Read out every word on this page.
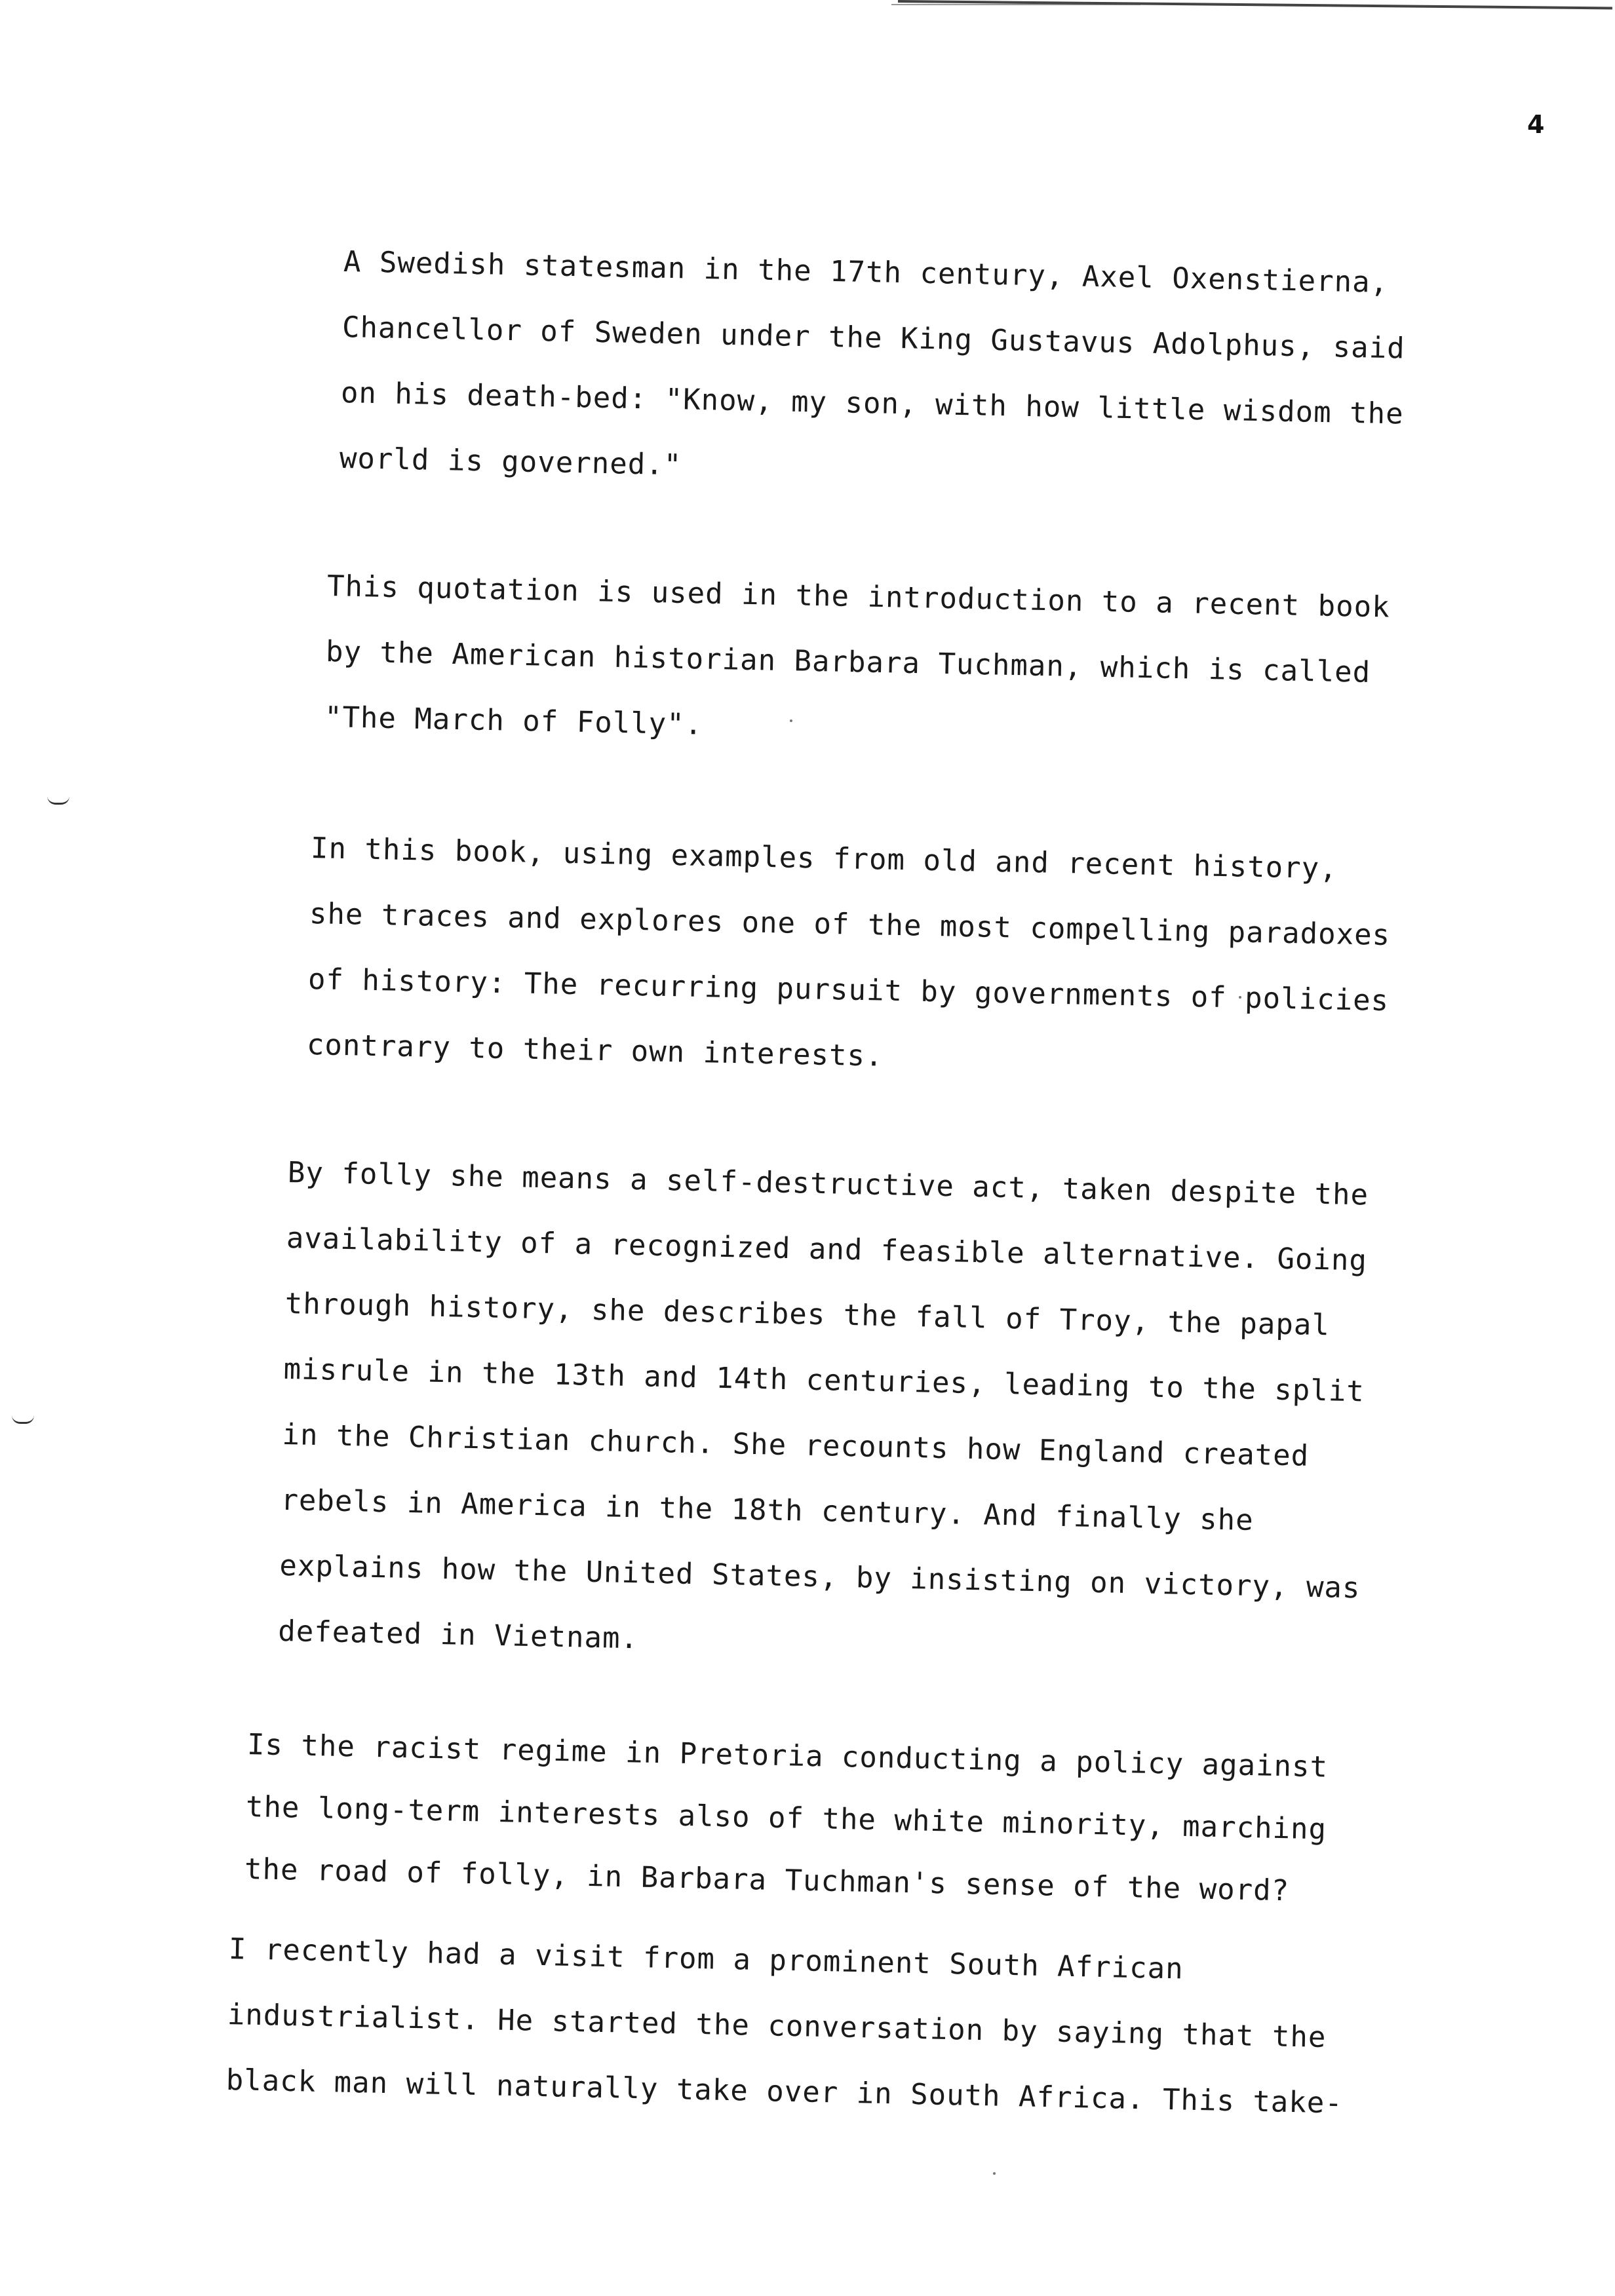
4
A Swedish statesman in the 17th century, Axel Oxenstierna,
Chancellor of Sweden under the King Gustavus Adolphus, said
on his death-bed: "Know, my son, with how little wisdom the
world is governed."
This quotation is used in the introduction to a recent book
by the American historian Barbara Tuchman, which is called
"The March of Folly".
In this book, using examples from old and recent history,
she traces and explores one of the most compelling paradoxes
of history: The recurring pursuit by governments of policies
contrary to their own interests.
By folly she means a self-destructive act, taken despite the
availability of a recognized and feasible alternative. Going
through history, she describes the fall of Troy, the papal
misrule in the 13th and 14th centuries, leading to the split
in the Christian church. She recounts how England created
rebels in America in the 18th century. And finally she
explains how the United States, by insisting on victory, was
defeated in Vietnam.
Is the racist regime in Pretoria conducting a policy against
the long-term interests also of the white minority, marching
the road of folly, in Barbara Tuchman's sense of the word?
I recently had a visit from a prominent South African
industrialist. He started the conversation by saying that the
black man will naturally take over in South Africa. This take-
